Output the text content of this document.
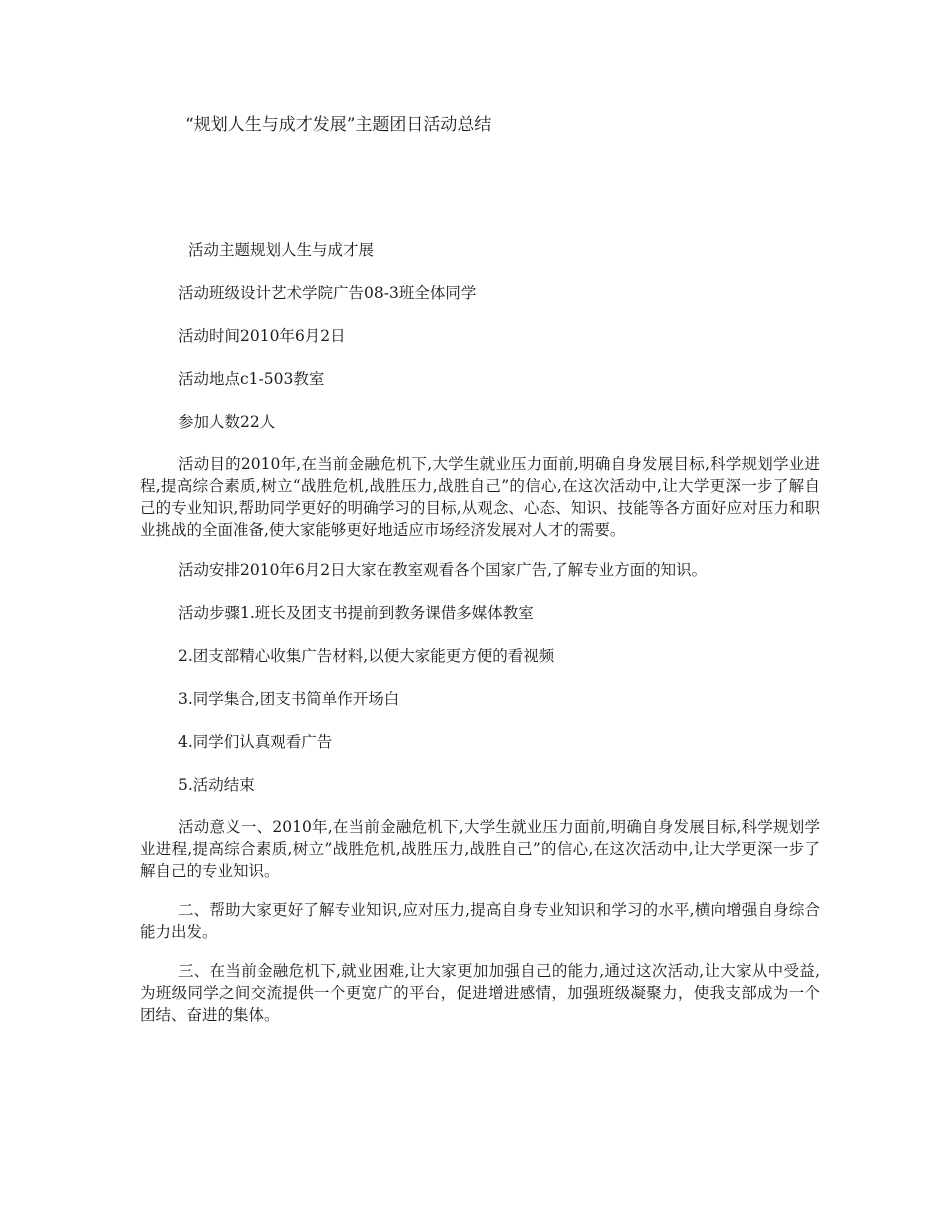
“规划人生与成才发展”主题团日活动总结

活动主题规划人生与成才展

活动班级设计艺术学院广告08-3班全体同学

活动时间2010年6月2日

活动地点c1-503教室

参加人数22人

活动目的2010年,在当前金融危机下,大学生就业压力面前,明确自身发展目标,科学规划学业进程,提高综合素质,树立“战胜危机,战胜压力,战胜自己”的信心,在这次活动中,让大学更深一步了解自己的专业知识,帮助同学更好的明确学习的目标,从观念、心态、知识、技能等各方面好应对压力和职业挑战的全面准备,使大家能够更好地适应市场经济发展对人才的需要。

活动安排2010年6月2日大家在教室观看各个国家广告,了解专业方面的知识。

活动步骤1.班长及团支书提前到教务课借多媒体教室

2.团支部精心收集广告材料,以便大家能更方便的看视频

3.同学集合,团支书简单作开场白

4.同学们认真观看广告

5.活动结束

活动意义一、2010年,在当前金融危机下,大学生就业压力面前,明确自身发展目标,科学规划学业进程,提高综合素质,树立”战胜危机,战胜压力,战胜自己”的信心,在这次活动中,让大学更深一步了解自己的专业知识。

二、帮助大家更好了解专业知识,应对压力,提高自身专业知识和学习的水平,横向增强自身综合能力出发。

三、在当前金融危机下,就业困难,让大家更加加强自己的能力,通过这次活动,让大家从中受益,为班级同学之间交流提供一个更宽广的平台，促进增进感情，加强班级凝聚力，使我支部成为一个团结、奋进的集体。
